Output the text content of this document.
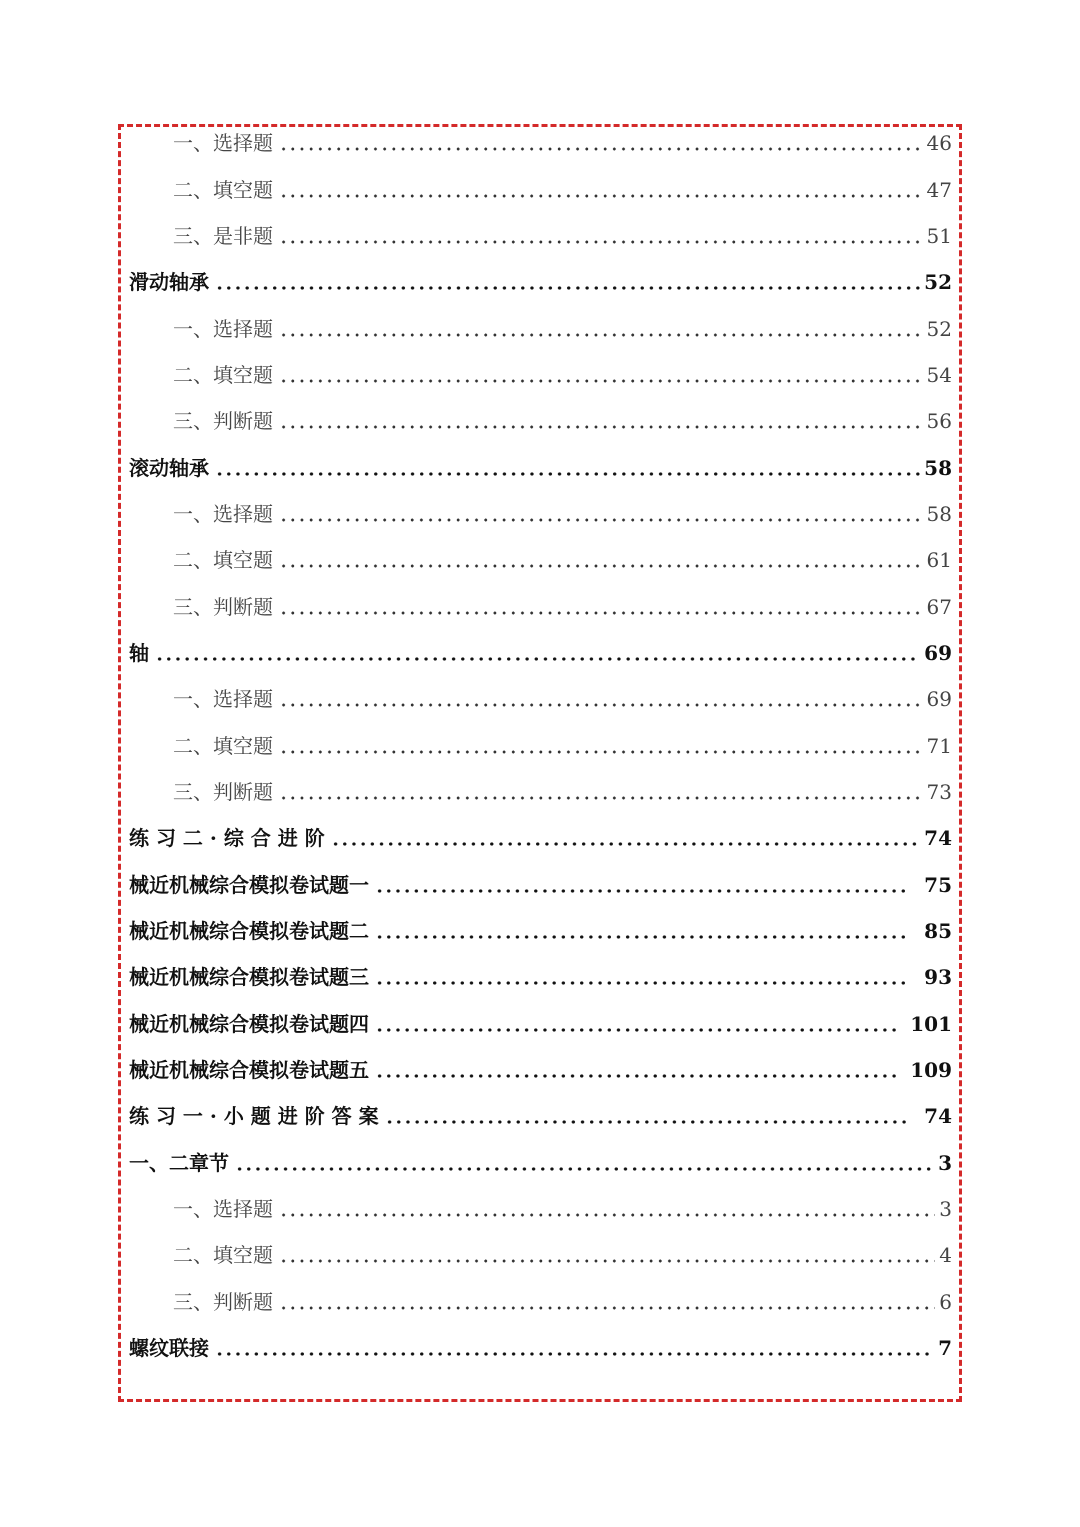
一、选择题	46
二、填空题	47
三、是非题	51
滑动轴承	52
一、选择题	52
二、填空题	54
三、判断题	56
滚动轴承	58
一、选择题	58
二、填空题	61
三、判断题	67
轴	69
一、选择题	69
二、填空题	71
三、判断题	73
练 习 二 · 综 合 进 阶	74
械近机械综合模拟卷试题一	75
械近机械综合模拟卷试题二	85
械近机械综合模拟卷试题三	93
械近机械综合模拟卷试题四	101
械近机械综合模拟卷试题五	109
练 习 一 · 小 题 进 阶 答 案	74
一、二章节	3
一、选择题	3
二、填空题	4
三、判断题	6
螺纹联接	7
